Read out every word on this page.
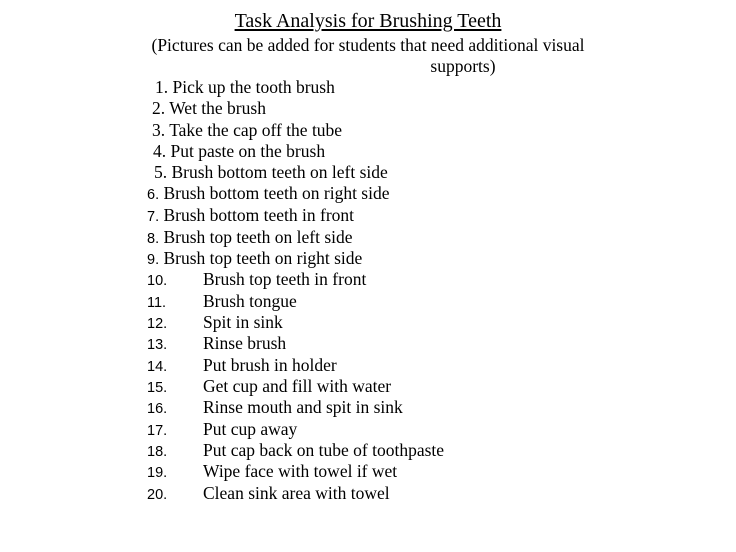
Task Analysis for Brushing Teeth
(Pictures can be added for students that need additional visual
supports)
1. Pick up the tooth brush
2. Wet the brush
3. Take the cap off the tube
4. Put paste on the brush
5. Brush bottom teeth on left side
6. Brush bottom teeth on right side
7. Brush bottom teeth in front
8. Brush top teeth on left side
9. Brush top teeth on right side
10. Brush top teeth in front
11. Brush tongue
12. Spit in sink
13. Rinse brush
14. Put brush in holder
15. Get cup and fill with water
16. Rinse mouth and spit in sink
17. Put cup away
18. Put cap back on tube of toothpaste
19. Wipe face with towel if wet
20. Clean sink area with towel
